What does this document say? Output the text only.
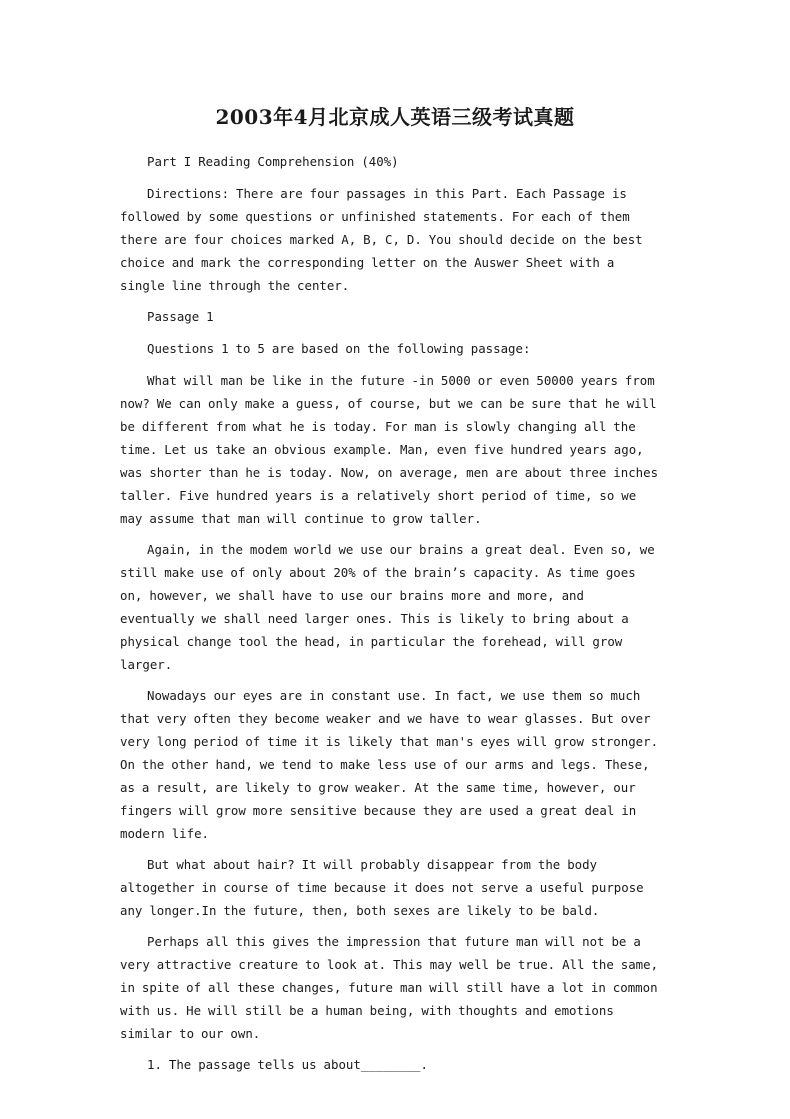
2003年4月北京成人英语三级考试真题

Part I Reading Comprehension (40%)

Directions: There are four passages in this Part. Each Passage is followed by some questions or unfinished statements. For each of them there are four choices marked A, B, C, D. You should decide on the best choice and mark the corresponding letter on the Auswer Sheet with a single line through the center.

Passage 1

Questions 1 to 5 are based on the following passage:

What will man be like in the future -in 5000 or even 50000 years from now? We can only make a guess, of course, but we can be sure that he will be different from what he is today. For man is slowly changing all the time. Let us take an obvious example. Man, even five hundred years ago, was shorter than he is today. Now, on average, men are about three inches taller. Five hundred years is a relatively short period of time, so we may assume that man will continue to grow taller.

Again, in the modem world we use our brains a great deal. Even so, we still make use of only about 20% of the brain’s capacity. As time goes on, however, we shall have to use our brains more and more, and eventually we shall need larger ones. This is likely to bring about a physical change tool the head, in particular the forehead, will grow larger.

Nowadays our eyes are in constant use. In fact, we use them so much that very often they become weaker and we have to wear glasses. But over very long period of time it is likely that man's eyes will grow stronger. On the other hand, we tend to make less use of our arms and legs. These, as a result, are likely to grow weaker. At the same time, however, our fingers will grow more sensitive because they are used a great deal in modern life.

But what about hair? It will probably disappear from the body altogether in course of time because it does not serve a useful purpose any longer.In the future, then, both sexes are likely to be bald.

Perhaps all this gives the impression that future man will not be a very attractive creature to look at. This may well be true. All the same, in spite of all these changes, future man will still have a lot in common with us. He will still be a human being, with thoughts and emotions similar to our own.

1. The passage tells us about________.
